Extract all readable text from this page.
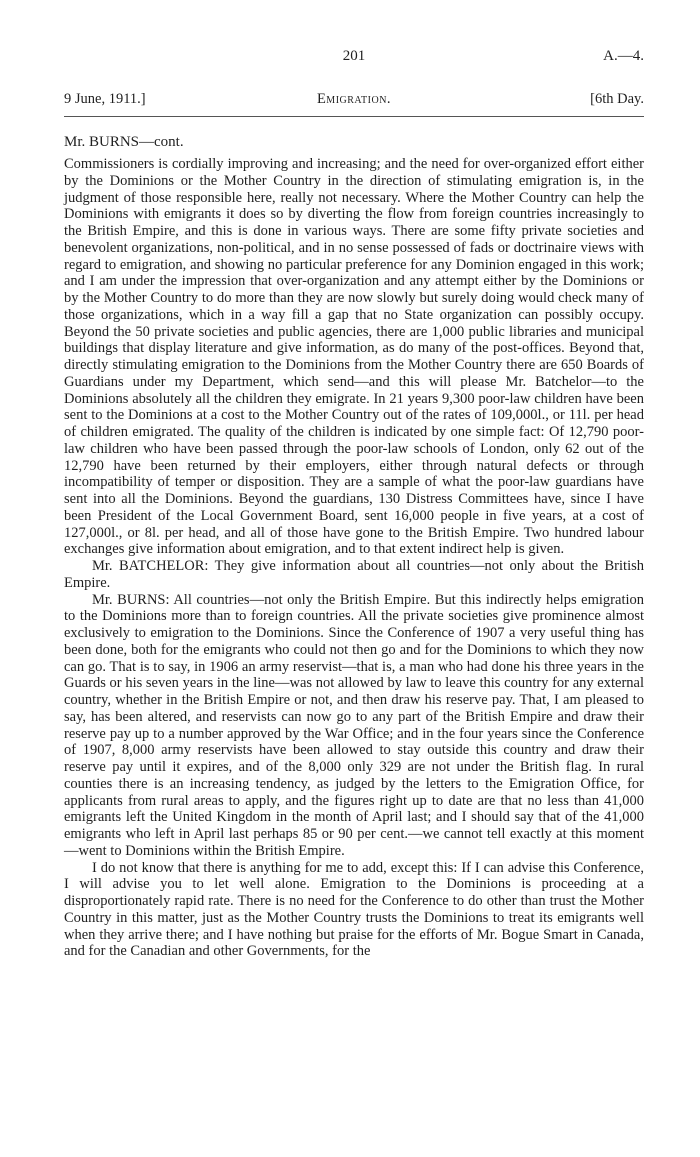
201	A.—4.
9 June, 1911.]	Emigration.	[6th Day.
Mr. BURNS—cont.

Commissioners is cordially improving and increasing; and the need for over-organized effort either by the Dominions or the Mother Country in the direction of stimulating emigration is, in the judgment of those responsible here, really not necessary. Where the Mother Country can help the Dominions with emigrants it does so by diverting the flow from foreign countries increasingly to the British Empire, and this is done in various ways. There are some fifty private societies and benevolent organizations, non-political, and in no sense possessed of fads or doctrinaire views with regard to emigration, and showing no particular preference for any Dominion engaged in this work; and I am under the impression that over-organization and any attempt either by the Dominions or by the Mother Country to do more than they are now slowly but surely doing would check many of those organizations, which in a way fill a gap that no State organization can possibly occupy. Beyond the 50 private societies and public agencies, there are 1,000 public libraries and municipal buildings that display literature and give information, as do many of the post-offices. Beyond that, directly stimulating emigration to the Dominions from the Mother Country there are 650 Boards of Guardians under my Department, which send—and this will please Mr. Batchelor—to the Dominions absolutely all the children they emigrate. In 21 years 9,300 poor-law children have been sent to the Dominions at a cost to the Mother Country out of the rates of 109,000l., or 11l. per head of children emigrated. The quality of the children is indicated by one simple fact: Of 12,790 poor-law children who have been passed through the poor-law schools of London, only 62 out of the 12,790 have been returned by their employers, either through natural defects or through incompatibility of temper or disposition. They are a sample of what the poor-law guardians have sent into all the Dominions. Beyond the guardians, 130 Distress Committees have, since I have been President of the Local Government Board, sent 16,000 people in five years, at a cost of 127,000l., or 8l. per head, and all of those have gone to the British Empire. Two hundred labour exchanges give information about emigration, and to that extent indirect help is given.

Mr. BATCHELOR: They give information about all countries—not only about the British Empire.

Mr. BURNS: All countries—not only the British Empire. But this indirectly helps emigration to the Dominions more than to foreign countries. All the private societies give prominence almost exclusively to emigration to the Dominions. Since the Conference of 1907 a very useful thing has been done, both for the emigrants who could not then go and for the Dominions to which they now can go. That is to say, in 1906 an army reservist—that is, a man who had done his three years in the Guards or his seven years in the line—was not allowed by law to leave this country for any external country, whether in the British Empire or not, and then draw his reserve pay. That, I am pleased to say, has been altered, and reservists can now go to any part of the British Empire and draw their reserve pay up to a number approved by the War Office; and in the four years since the Conference of 1907, 8,000 army reservists have been allowed to stay outside this country and draw their reserve pay until it expires, and of the 8,000 only 329 are not under the British flag. In rural counties there is an increasing tendency, as judged by the letters to the Emigration Office, for applicants from rural areas to apply, and the figures right up to date are that no less than 41,000 emigrants left the United Kingdom in the month of April last; and I should say that of the 41,000 emigrants who left in April last perhaps 85 or 90 per cent.—we cannot tell exactly at this moment—went to Dominions within the British Empire.

I do not know that there is anything for me to add, except this: If I can advise this Conference, I will advise you to let well alone. Emigration to the Dominions is proceeding at a disproportionately rapid rate. There is no need for the Conference to do other than trust the Mother Country in this matter, just as the Mother Country trusts the Dominions to treat its emigrants well when they arrive there; and I have nothing but praise for the efforts of Mr. Bogue Smart in Canada, and for the Canadian and other Governments, for the
